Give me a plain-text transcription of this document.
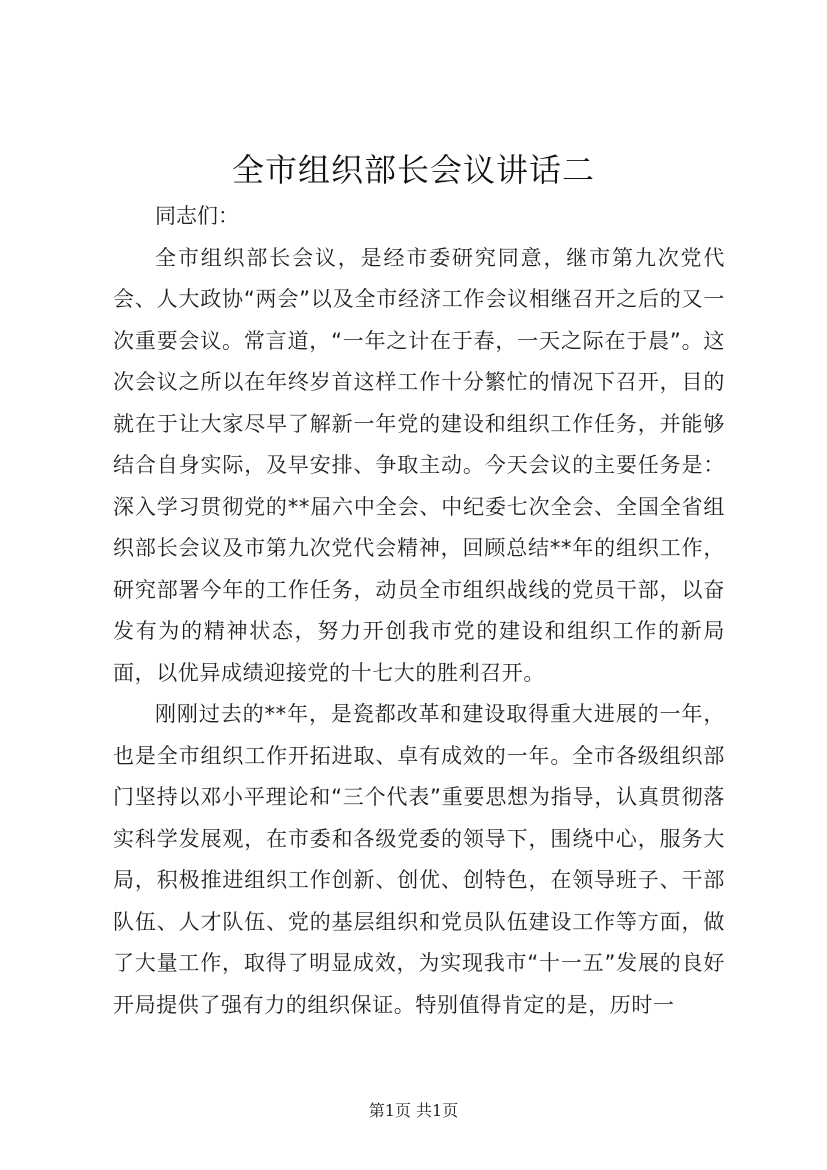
全市组织部长会议讲话二

同志们：

全市组织部长会议，是经市委研究同意，继市第九次党代会、人大政协“两会”以及全市经济工作会议相继召开之后的又一次重要会议。常言道，“一年之计在于春，一天之际在于晨”。这次会议之所以在年终岁首这样工作十分繁忙的情况下召开，目的就在于让大家尽早了解新一年党的建设和组织工作任务，并能够结合自身实际，及早安排、争取主动。今天会议的主要任务是：深入学习贯彻党的**届六中全会、中纪委七次全会、全国全省组织部长会议及市第九次党代会精神，回顾总结**年的组织工作，研究部署今年的工作任务，动员全市组织战线的党员干部，以奋发有为的精神状态，努力开创我市党的建设和组织工作的新局面，以优异成绩迎接党的十七大的胜利召开。

刚刚过去的**年，是瓷都改革和建设取得重大进展的一年，也是全市组织工作开拓进取、卓有成效的一年。全市各级组织部门坚持以邓小平理论和“三个代表”重要思想为指导，认真贯彻落实科学发展观，在市委和各级党委的领导下，围绕中心，服务大局，积极推进组织工作创新、创优、创特色，在领导班子、干部队伍、人才队伍、党的基层组织和党员队伍建设工作等方面，做了大量工作，取得了明显成效，为实现我市“十一五”发展的良好开局提供了强有力的组织保证。特别值得肯定的是，历时一

第1页 共1页
